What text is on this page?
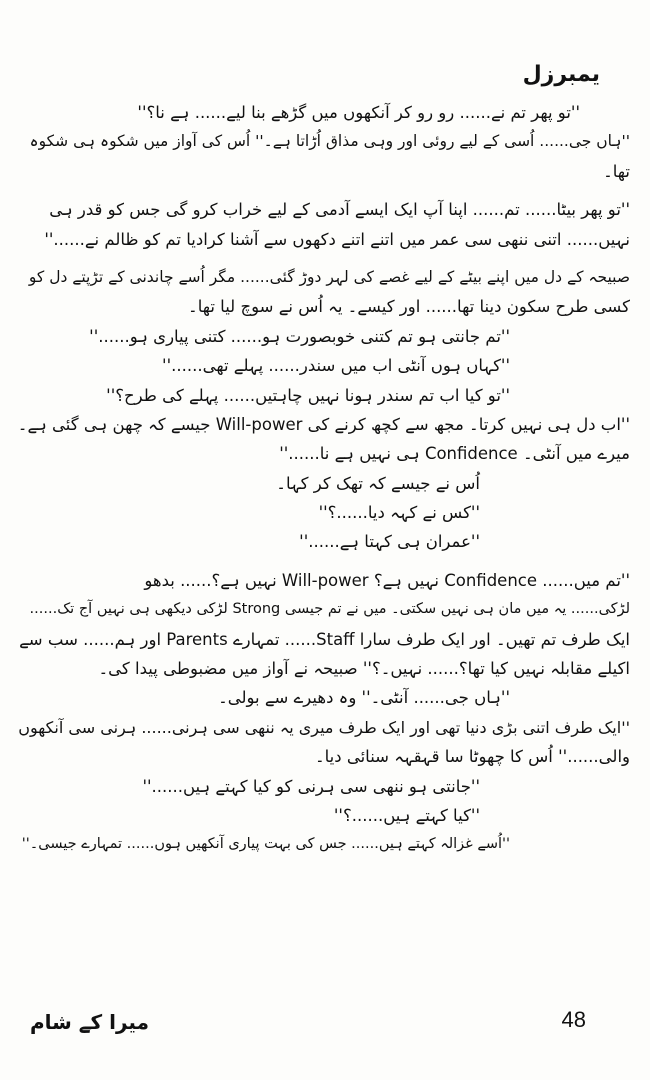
یمبرزل
''تو پھر تم نے...... رو رو کر آنکھوں میں گڑھے بنا لیے...... ہے نا؟''
''ہاں جی...... اُسی کے لیے روئی اور وہی مذاق اُڑاتا ہے۔'' اُس کی آواز میں شکوہ ہی شکوہ
تھا۔
''تو پھر بیٹا...... تم...... اپنا آپ ایک ایسے آدمی کے لیے خراب کرو گی جس کو قدر ہی
نہیں...... اتنی ننھی سی عمر میں اتنے اتنے دکھوں سے آشنا کرادیا تم کو ظالم نے......''
صبیحہ کے دل میں اپنے بیٹے کے لیے غصے کی لہر دوڑ گئی...... مگر اُسے چاندنی کے تڑپتے دل کو
کسی طرح سکون دینا تھا...... اور کیسے۔ یہ اُس نے سوچ لیا تھا۔
''تم جانتی ہو تم کتنی خوبصورت ہو...... کتنی پیاری ہو......''
''کہاں ہوں آنٹی اب میں سندر...... پہلے تھی......''
''تو کیا اب تم سندر ہونا نہیں چاہتیں...... پہلے کی طرح؟''
''اب دل ہی نہیں کرتا۔ مجھ سے کچھ کرنے کی Will-power جیسے کہ چھن ہی گئی ہے۔
میرے میں آنٹی۔ Confidence ہی نہیں ہے نا......''
اُس نے جیسے کہ تھک کر کہا۔
''کس نے کہہ دیا......؟''
''عمران ہی کہتا ہے......''
''تم میں...... Confidence نہیں ہے؟ Will-power نہیں ہے؟...... بدھو
لڑکی...... یہ میں مان ہی نہیں سکتی۔ میں نے تم جیسی Strong لڑکی دیکھی ہی نہیں آج تک......
ایک طرف تم تھیں۔ اور ایک طرف سارا Staff...... تمہارے Parents اور ہم...... سب سے
اکیلے مقابلہ نہیں کیا تھا؟...... نہیں۔؟'' صبیحہ نے آواز میں مضبوطی پیدا کی۔
''ہاں جی...... آنٹی۔'' وہ دھیرے سے بولی۔
''ایک طرف اتنی بڑی دنیا تھی اور ایک طرف میری یہ ننھی سی ہرنی...... ہرنی سی آنکھوں
والی......'' اُس کا چھوٹا سا قہقہہ سنائی دیا۔
''جانتی ہو ننھی سی ہرنی کو کیا کہتے ہیں......''
''کیا کہتے ہیں......؟''
''اُسے غزالہ کہتے ہیں...... جس کی بہت پیاری آنکھیں ہوں...... تمہارے جیسی۔''
میرا کے شام	48
